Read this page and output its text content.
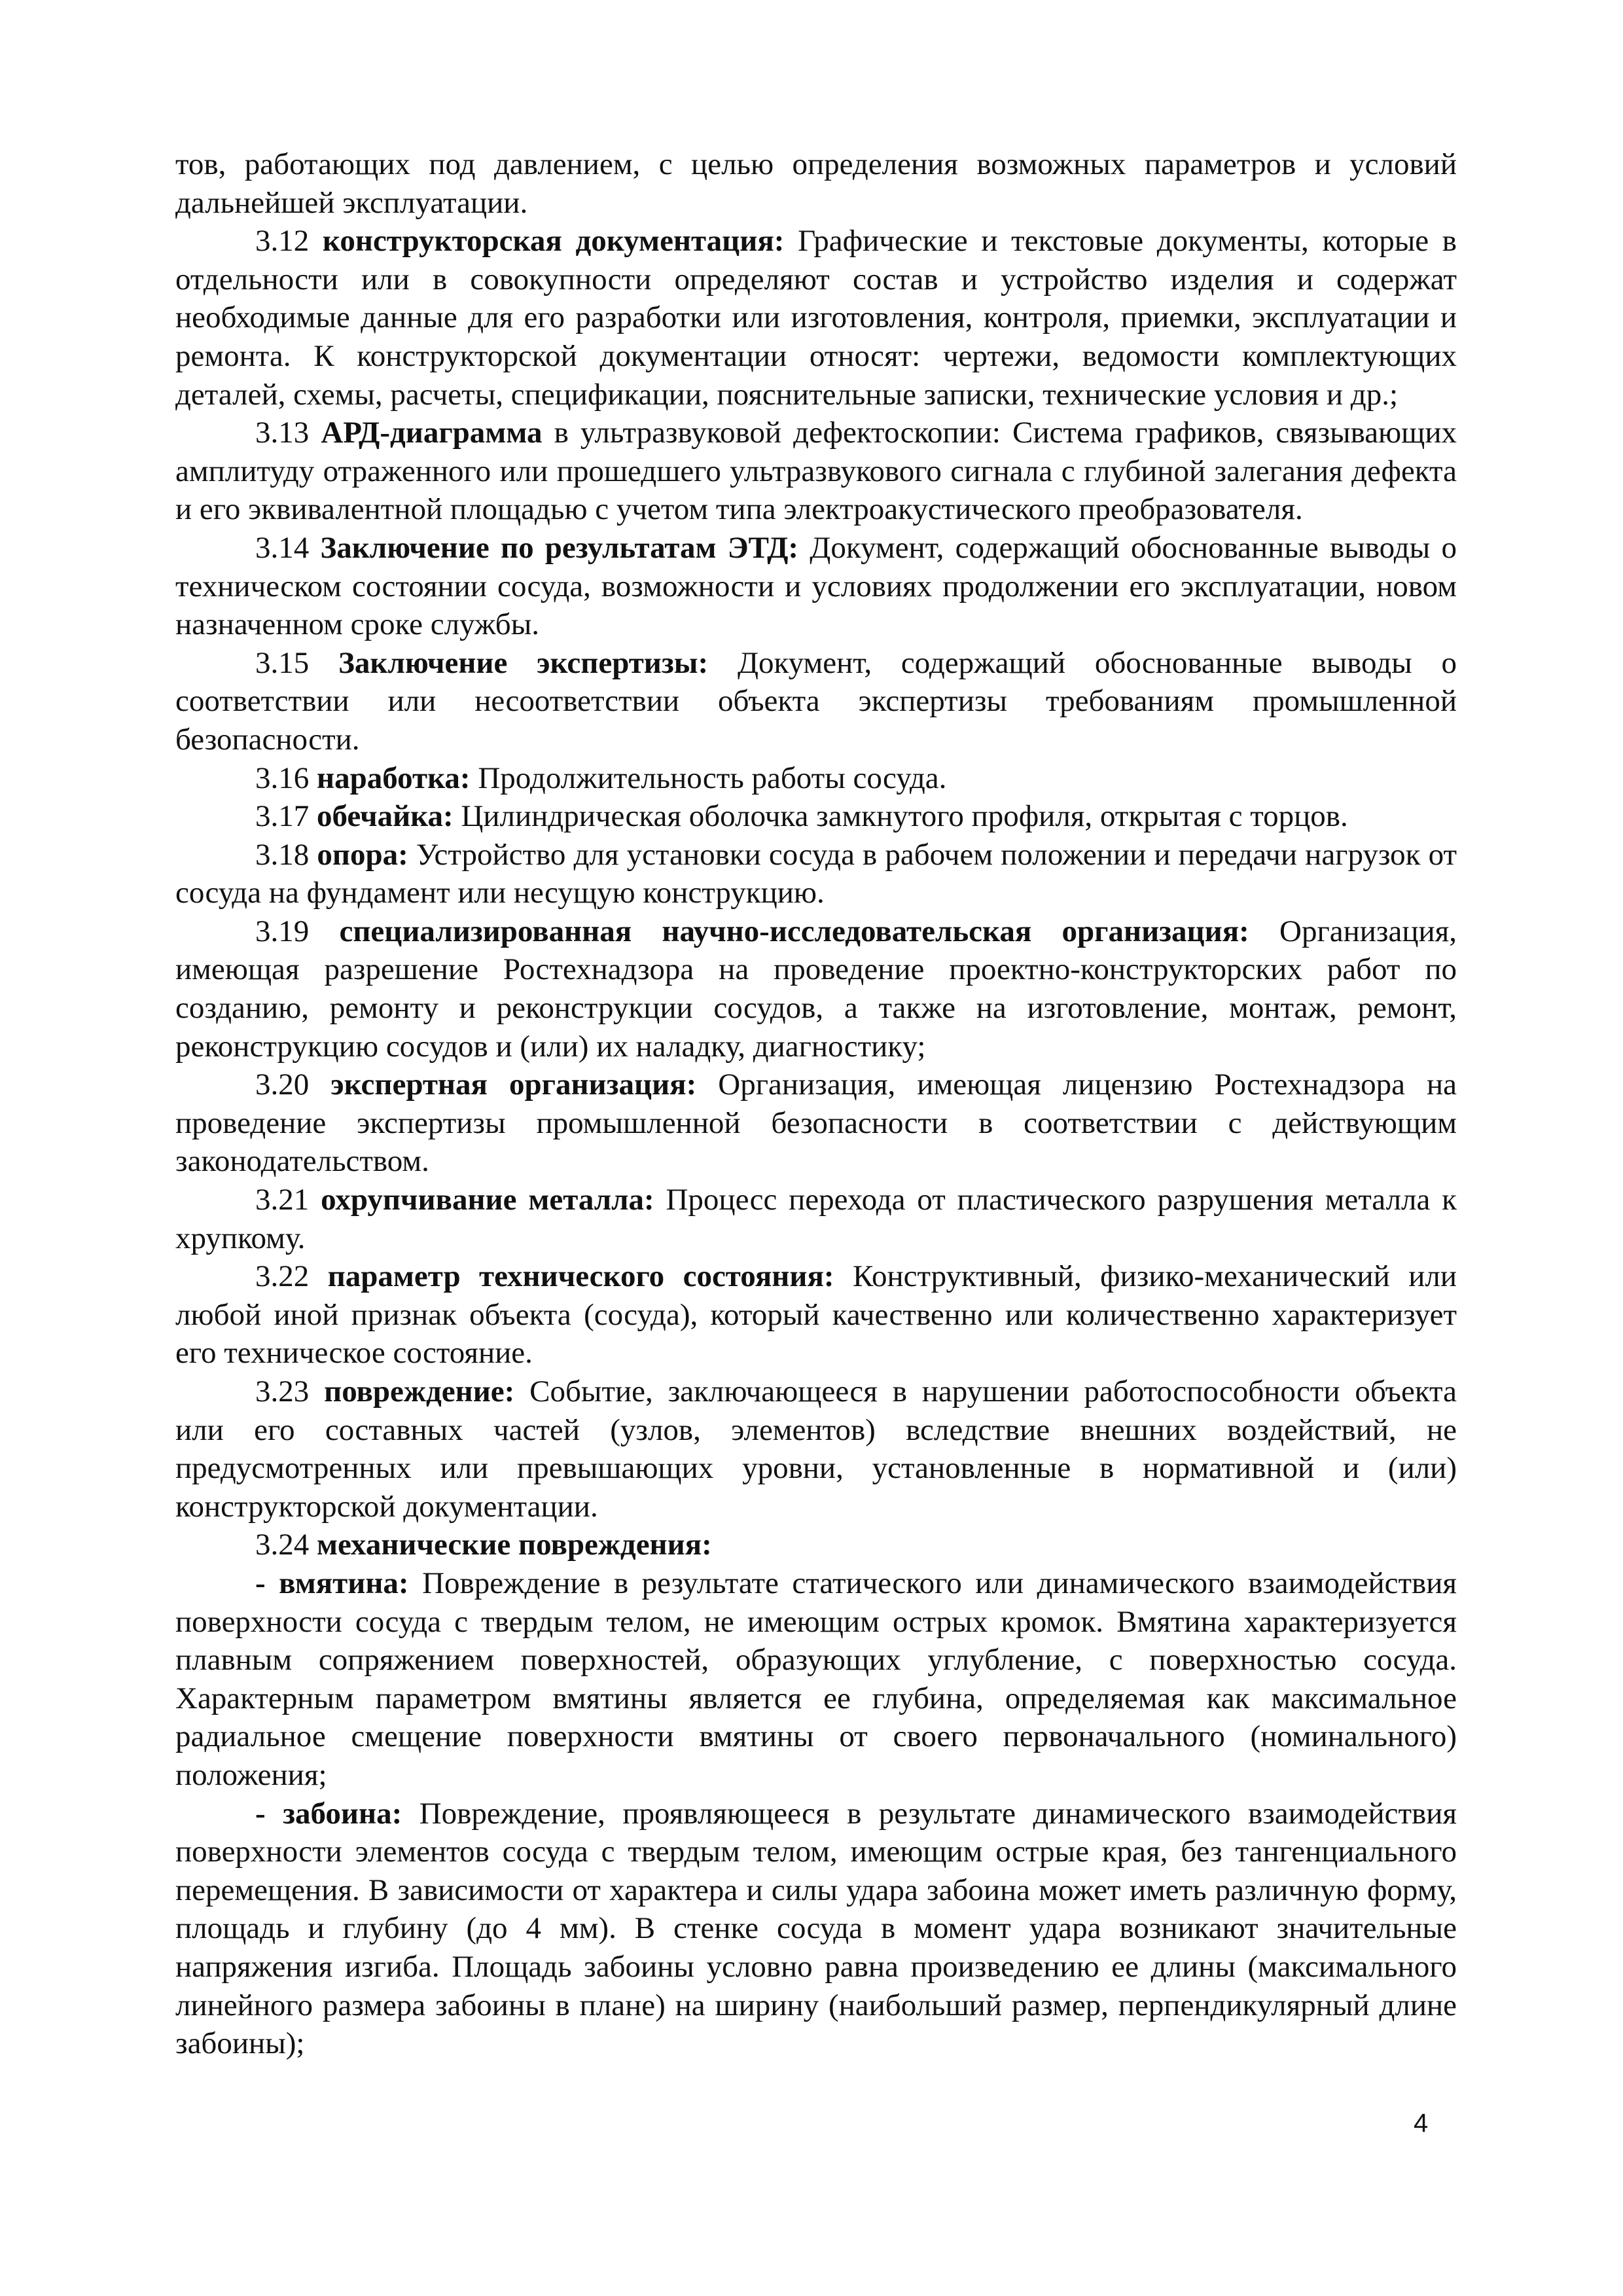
тов, работающих под давлением, с целью определения возможных параметров и условий дальнейшей эксплуатации.

3.12 конструкторская документация: Графические и текстовые документы, которые в отдельности или в совокупности определяют состав и устройство изделия и содержат необходимые данные для его разработки или изготовления, контроля, приемки, эксплуатации и ремонта. К конструкторской документации относят: чертежи, ведомости комплектующих деталей, схемы, расчеты, спецификации, пояснительные записки, технические условия и др.;

3.13 АРД-диаграмма в ультразвуковой дефектоскопии: Система графиков, связывающих амплитуду отраженного или прошедшего ультразвукового сигнала с глубиной залегания дефекта и его эквивалентной площадью с учетом типа электроакустического преобразователя.

3.14 Заключение по результатам ЭТД: Документ, содержащий обоснованные выводы о техническом состоянии сосуда, возможности и условиях продолжении его эксплуатации, новом назначенном сроке службы.

3.15 Заключение экспертизы: Документ, содержащий обоснованные выводы о соответствии или несоответствии объекта экспертизы требованиям промышленной безопасности.

3.16 наработка: Продолжительность работы сосуда.

3.17 обечайка: Цилиндрическая оболочка замкнутого профиля, открытая с торцов.

3.18 опора: Устройство для установки сосуда в рабочем положении и передачи нагрузок от сосуда на фундамент или несущую конструкцию.

3.19 специализированная научно-исследовательская организация: Организация, имеющая разрешение Ростехнадзора на проведение проектно-конструкторских работ по созданию, ремонту и реконструкции сосудов, а также на изготовление, монтаж, ремонт, реконструкцию сосудов и (или) их наладку, диагностику;

3.20 экспертная организация: Организация, имеющая лицензию Ростехнадзора на проведение экспертизы промышленной безопасности в соответствии с действующим законодательством.

3.21 охрупчивание металла: Процесс перехода от пластического разрушения металла к хрупкому.

3.22 параметр технического состояния: Конструктивный, физико-механический или любой иной признак объекта (сосуда), который качественно или количественно характеризует его техническое состояние.

3.23 повреждение: Событие, заключающееся в нарушении работоспособности объекта или его составных частей (узлов, элементов) вследствие внешних воздействий, не предусмотренных или превышающих уровни, установленные в нормативной и (или) конструкторской документации.

3.24 механические повреждения:

- вмятина: Повреждение в результате статического или динамического взаимодействия поверхности сосуда с твердым телом, не имеющим острых кромок. Вмятина характеризуется плавным сопряжением поверхностей, образующих углубление, с поверхностью сосуда. Характерным параметром вмятины является ее глубина, определяемая как максимальное радиальное смещение поверхности вмятины от своего первоначального (номинального) положения;

- забоина: Повреждение, проявляющееся в результате динамического взаимодействия поверхности элементов сосуда с твердым телом, имеющим острые края, без тангенциального перемещения. В зависимости от характера и силы удара забоина может иметь различную форму, площадь и глубину (до 4 мм). В стенке сосуда в момент удара возникают значительные напряжения изгиба. Площадь забоины условно равна произведению ее длины (максимального линейного размера забоины в плане) на ширину (наибольший размер, перпендикулярный длине забоины);

4
